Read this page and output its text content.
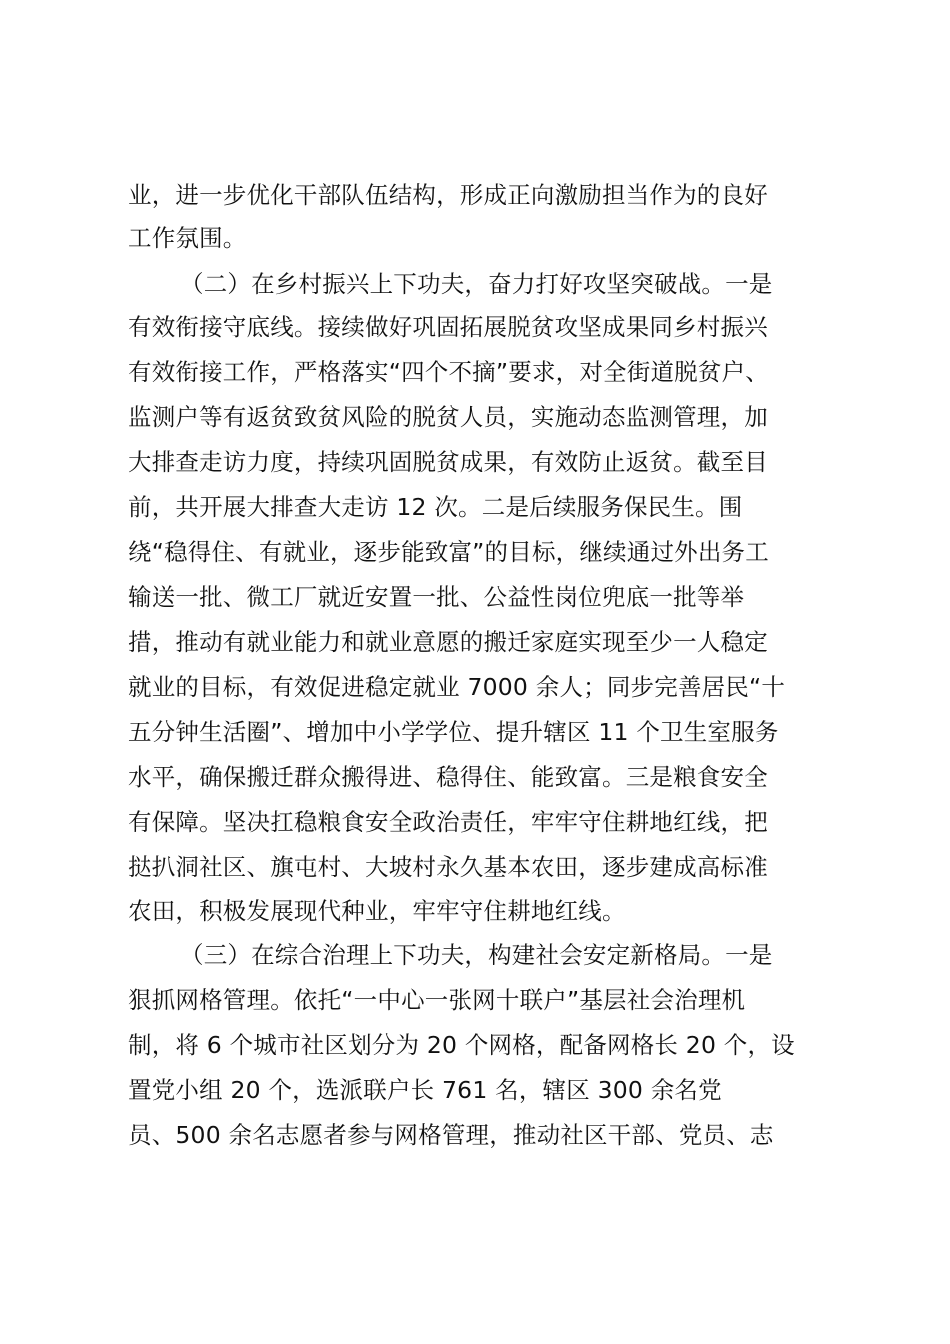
业，进一步优化干部队伍结构，形成正向激励担当作为的良好
工作氛围。
（二）在乡村振兴上下功夫，奋力打好攻坚突破战。一是
有效衔接守底线。接续做好巩固拓展脱贫攻坚成果同乡村振兴
有效衔接工作，严格落实“四个不摘”要求，对全街道脱贫户、
监测户等有返贫致贫风险的脱贫人员，实施动态监测管理，加
大排查走访力度，持续巩固脱贫成果，有效防止返贫。截至目
前，共开展大排查大走访 12 次。二是后续服务保民生。围
绕“稳得住、有就业，逐步能致富”的目标，继续通过外出务工
输送一批、微工厂就近安置一批、公益性岗位兜底一批等举
措，推动有就业能力和就业意愿的搬迁家庭实现至少一人稳定
就业的目标，有效促进稳定就业 7000 余人；同步完善居民“十
五分钟生活圈”、增加中小学学位、提升辖区 11 个卫生室服务
水平，确保搬迁群众搬得进、稳得住、能致富。三是粮食安全
有保障。坚决扛稳粮食安全政治责任，牢牢守住耕地红线，把
挞扒洞社区、旗屯村、大坡村永久基本农田，逐步建成高标准
农田，积极发展现代种业，牢牢守住耕地红线。
（三）在综合治理上下功夫，构建社会安定新格局。一是
狠抓网格管理。依托“一中心一张网十联户”基层社会治理机
制，将 6 个城市社区划分为 20 个网格，配备网格长 20 个，设
置党小组 20 个，选派联户长 761 名，辖区 300 余名党
员、500 余名志愿者参与网格管理，推动社区干部、党员、志
